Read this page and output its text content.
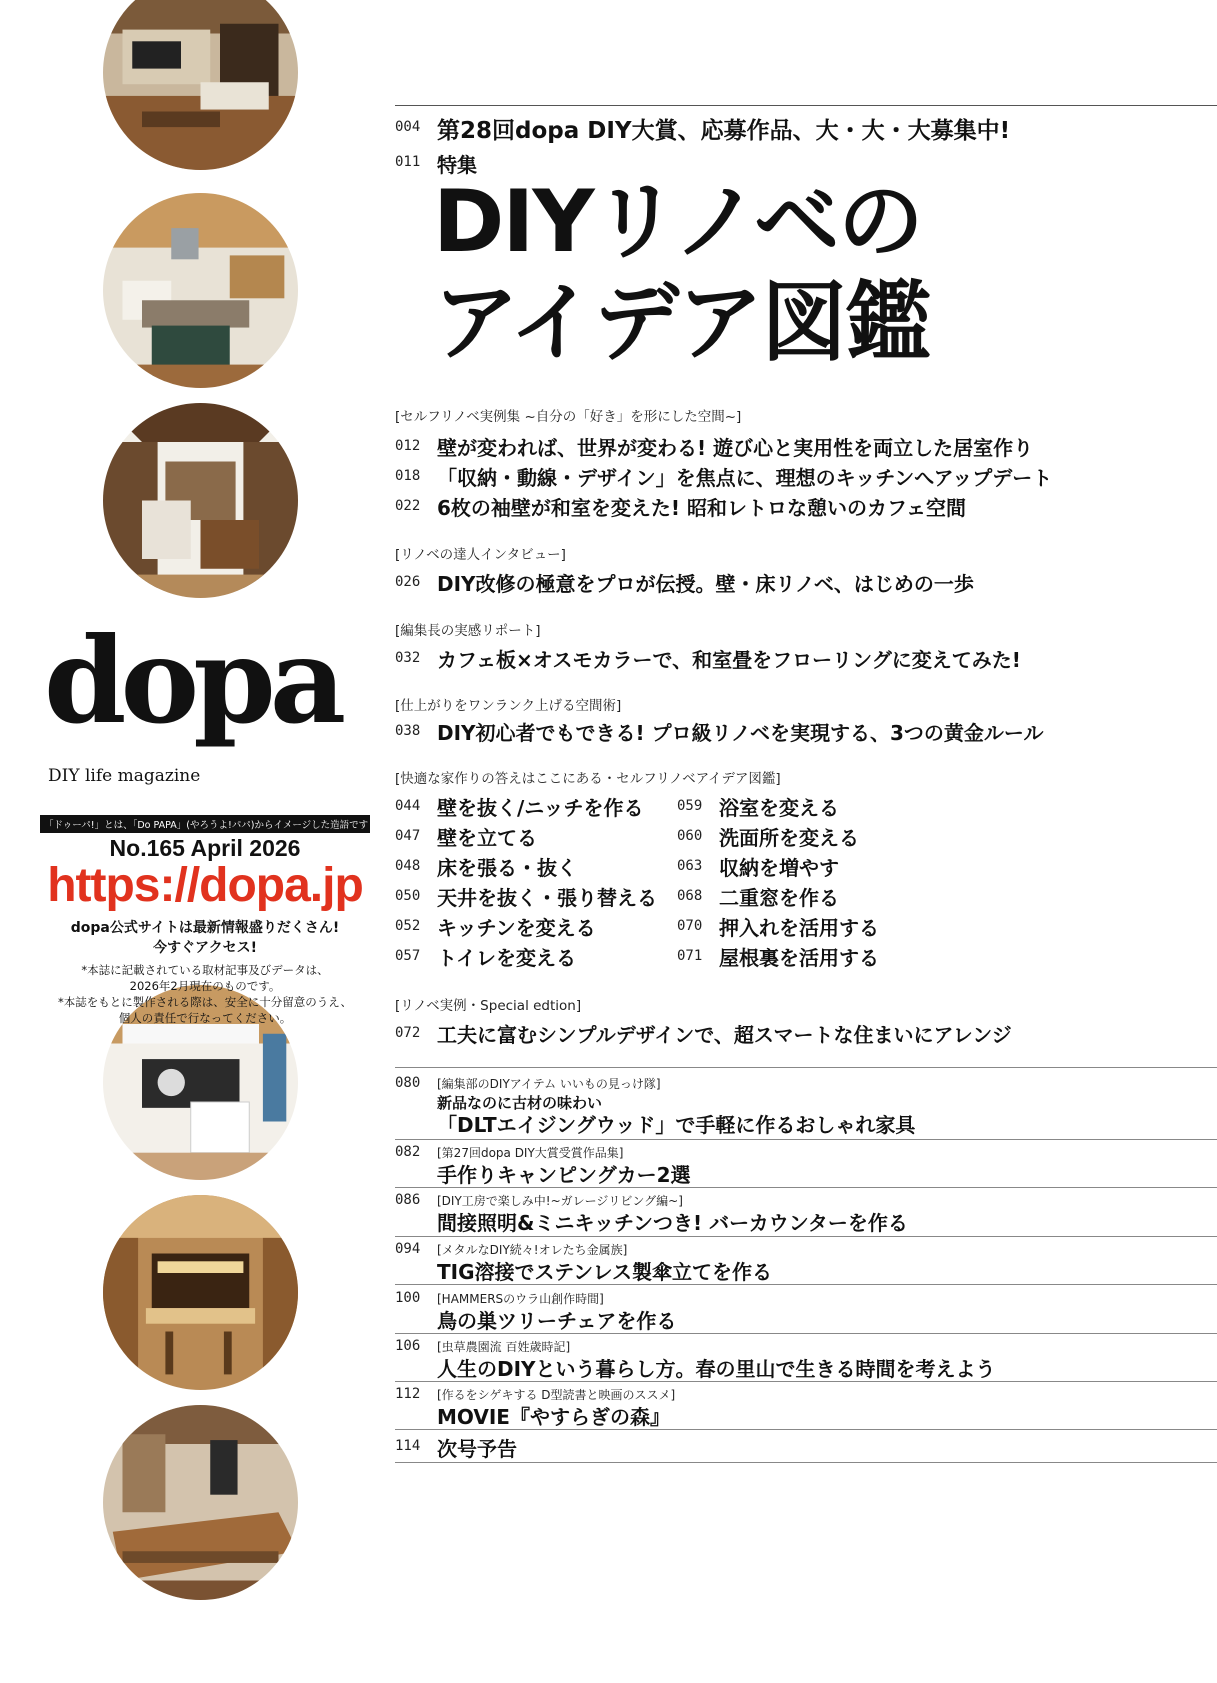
dopa
DIY life magazine
「ドゥーパ!」とは、「Do PAPA」(やろうよ!パパ)からイメージした造語です
No.165 April 2026
https://dopa.jp
dopa公式サイトは最新情報盛りだくさん!
今すぐアクセス!
*本誌に記載されている取材記事及びデータは、
2026年2月現在のものです。
*本誌をもとに製作される際は、安全に十分留意のうえ、
個人の責任で行なってください。
004 第28回dopa DIY大賞、応募作品、大・大・大募集中!
011 特集
DIYリノベの
アイデア図鑑
[セルフリノベ実例集 ~自分の「好き」を形にした空間~]
012 壁が変われば、世界が変わる! 遊び心と実用性を両立した居室作り
018 「収納・動線・デザイン」を焦点に、理想のキッチンへアップデート
022 6枚の袖壁が和室を変えた! 昭和レトロな憩いのカフェ空間
[リノベの達人インタビュー]
026 DIY改修の極意をプロが伝授。壁・床リノベ、はじめの一歩
[編集長の実感リポート]
032 カフェ板×オスモカラーで、和室畳をフローリングに変えてみた!
[仕上がりをワンランク上げる空間術]
038 DIY初心者でもできる! プロ級リノベを実現する、3つの黄金ルール
[快適な家作りの答えはここにある・セルフリノベアイデア図鑑]
044 壁を抜く/ニッチを作る
047 壁を立てる
048 床を張る・抜く
050 天井を抜く・張り替える
052 キッチンを変える
057 トイレを変える
059 浴室を変える
060 洗面所を変える
063 収納を増やす
068 二重窓を作る
070 押入れを活用する
071 屋根裏を活用する
[リノベ実例・Special edtion]
072 工夫に富むシンプルデザインで、超スマートな住まいにアレンジ
080 [編集部のDIYアイテム いいもの見っけ隊]
新品なのに古材の味わい
「DLTエイジングウッド」で手軽に作るおしゃれ家具
082 [第27回dopa DIY大賞受賞作品集]
手作りキャンピングカー2選
086 [DIY工房で楽しみ中!~ガレージリビング編~]
間接照明&ミニキッチンつき! バーカウンターを作る
094 [メタルなDIY続々!オレたち金属族]
TIG溶接でステンレス製傘立てを作る
100 [HAMMERSのウラ山創作時間]
鳥の巣ツリーチェアを作る
106 [虫草農園流 百姓歳時記]
人生のDIYという暮らし方。春の里山で生きる時間を考えよう
112 [作るをシゲキする D型読書と映画のススメ]
MOVIE『やすらぎの森』
114 次号予告
